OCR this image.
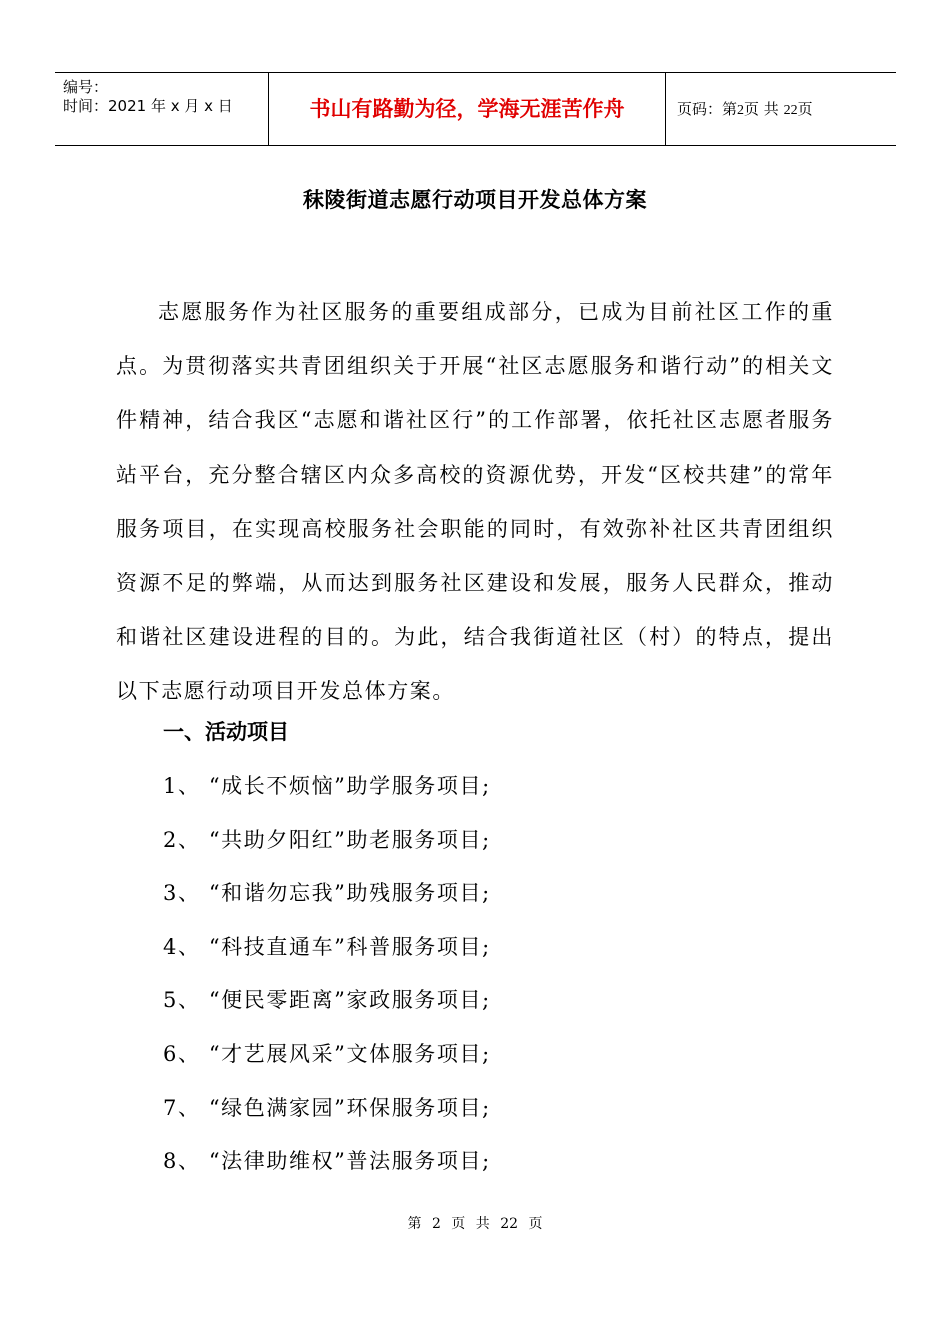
编号：
时间：2021 年 x 月 x 日	书山有路勤为径，学海无涯苦作舟	页码：第2页 共 22页
秣陵街道志愿行动项目开发总体方案

志愿服务作为社区服务的重要组成部分，已成为目前社区工作的重点。为贯彻落实共青团组织关于开展“社区志愿服务和谐行动”的相关文件精神，结合我区“志愿和谐社区行”的工作部署，依托社区志愿者服务站平台，充分整合辖区内众多高校的资源优势，开发“区校共建”的常年服务项目，在实现高校服务社会职能的同时，有效弥补社区共青团组织资源不足的弊端，从而达到服务社区建设和发展，服务人民群众，推动和谐社区建设进程的目的。为此，结合我街道社区（村）的特点，提出以下志愿行动项目开发总体方案。

一、活动项目
1、 “成长不烦恼”助学服务项目;
2、 “共助夕阳红”助老服务项目;
3、 “和谐勿忘我”助残服务项目;
4、 “科技直通车”科普服务项目;
5、 “便民零距离”家政服务项目;
6、 “才艺展风采”文体服务项目;
7、 “绿色满家园”环保服务项目;
8、 “法律助维权”普法服务项目;
第 2 页 共 22 页
